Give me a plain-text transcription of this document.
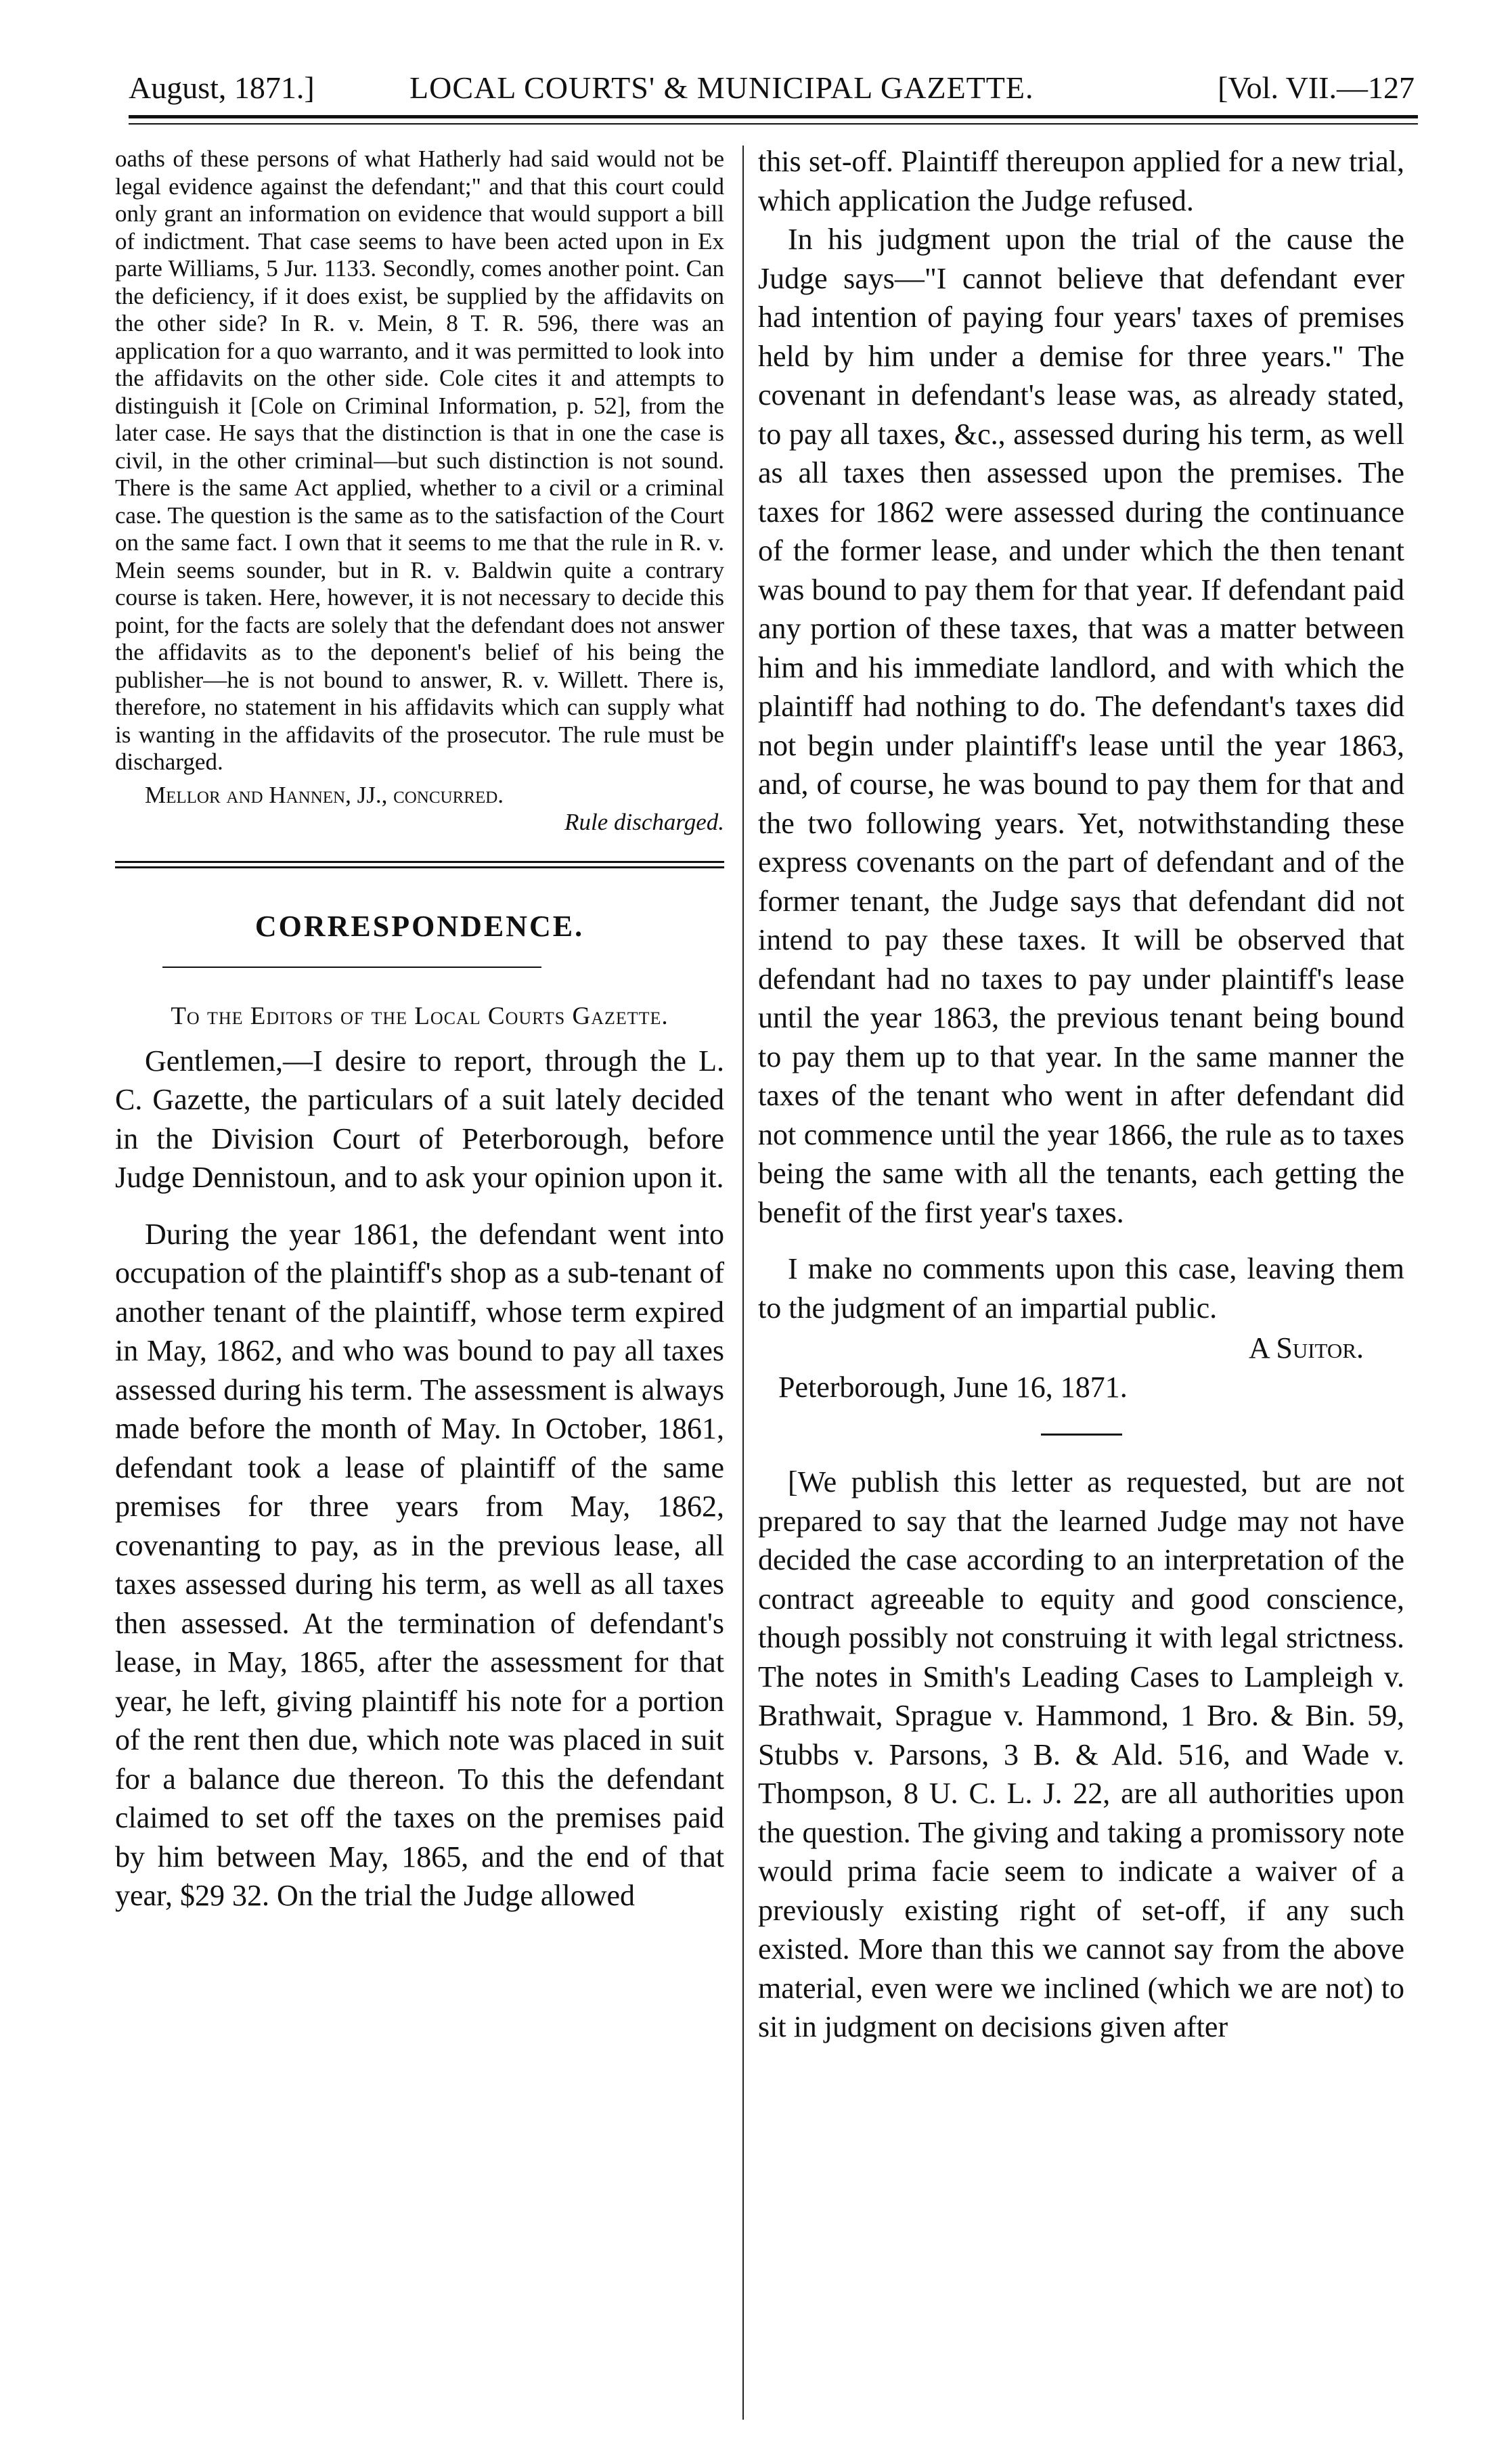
August, 1871.]	LOCAL COURTS' & MUNICIPAL GAZETTE.	[Vol. VII.—127

oaths of these persons of what Hatherly had said would not be legal evidence against the defendant;" and that this court could only grant an information on evidence that would support a bill of indictment. That case seems to have been acted upon in Ex parte Williams, 5 Jur. 1133. Secondly, comes another point. Can the deficiency, if it does exist, be supplied by the affidavits on the other side? In R. v. Mein, 8 T. R. 596, there was an application for a quo warranto, and it was permitted to look into the affidavits on the other side. Cole cites it and attempts to distinguish it [Cole on Criminal Information, p. 52], from the later case. He says that the distinction is that in one the case is civil, in the other criminal—but such distinction is not sound. There is the same Act applied, whether to a civil or a criminal case. The question is the same as to the satisfaction of the Court on the same fact. I own that it seems to me that the rule in R. v. Mein seems sounder, but in R. v. Baldwin quite a contrary course is taken. Here, however, it is not necessary to decide this point, for the facts are solely that the defendant does not answer the affidavits as to the deponent's belief of his being the publisher—he is not bound to answer, R. v. Willett. There is, therefore, no statement in his affidavits which can supply what is wanting in the affidavits of the prosecutor. The rule must be discharged.

Mellor and Hannen, JJ., concurred.

Rule discharged.

CORRESPONDENCE.
To the Editors of the Local Courts Gazette.

Gentlemen,—I desire to report, through the L. C. Gazette, the particulars of a suit lately decided in the Division Court of Peterborough, before Judge Dennistoun, and to ask your opinion upon it.

During the year 1861, the defendant went into occupation of the plaintiff's shop as a sub-tenant of another tenant of the plaintiff, whose term expired in May, 1862, and who was bound to pay all taxes assessed during his term. The assessment is always made before the month of May. In October, 1861, defendant took a lease of plaintiff of the same premises for three years from May, 1862, covenanting to pay, as in the previous lease, all taxes assessed during his term, as well as all taxes then assessed. At the termination of defendant's lease, in May, 1865, after the assessment for that year, he left, giving plaintiff his note for a portion of the rent then due, which note was placed in suit for a balance due thereon. To this the defendant claimed to set off the taxes on the premises paid by him between May, 1865, and the end of that year, $29 32. On the trial the Judge allowed

this set-off. Plaintiff thereupon applied for a new trial, which application the Judge refused.

In his judgment upon the trial of the cause the Judge says—"I cannot believe that defendant ever had intention of paying four years' taxes of premises held by him under a demise for three years." The covenant in defendant's lease was, as already stated, to pay all taxes, &c., assessed during his term, as well as all taxes then assessed upon the premises. The taxes for 1862 were assessed during the continuance of the former lease, and under which the then tenant was bound to pay them for that year. If defendant paid any portion of these taxes, that was a matter between him and his immediate landlord, and with which the plaintiff had nothing to do. The defendant's taxes did not begin under plaintiff's lease until the year 1863, and, of course, he was bound to pay them for that and the two following years. Yet, notwithstanding these express covenants on the part of defendant and of the former tenant, the Judge says that defendant did not intend to pay these taxes. It will be observed that defendant had no taxes to pay under plaintiff's lease until the year 1863, the previous tenant being bound to pay them up to that year. In the same manner the taxes of the tenant who went in after defendant did not commence until the year 1866, the rule as to taxes being the same with all the tenants, each getting the benefit of the first year's taxes.

I make no comments upon this case, leaving them to the judgment of an impartial public.

A Suitor.

Peterborough, June 16, 1871.

[We publish this letter as requested, but are not prepared to say that the learned Judge may not have decided the case according to an interpretation of the contract agreeable to equity and good conscience, though possibly not construing it with legal strictness. The notes in Smith's Leading Cases to Lampleigh v. Brathwait, Sprague v. Hammond, 1 Bro. & Bin. 59, Stubbs v. Parsons, 3 B. & Ald. 516, and Wade v. Thompson, 8 U. C. L. J. 22, are all authorities upon the question. The giving and taking a promissory note would prima facie seem to indicate a waiver of a previously existing right of set-off, if any such existed. More than this we cannot say from the above material, even were we inclined (which we are not) to sit in judgment on decisions given after
